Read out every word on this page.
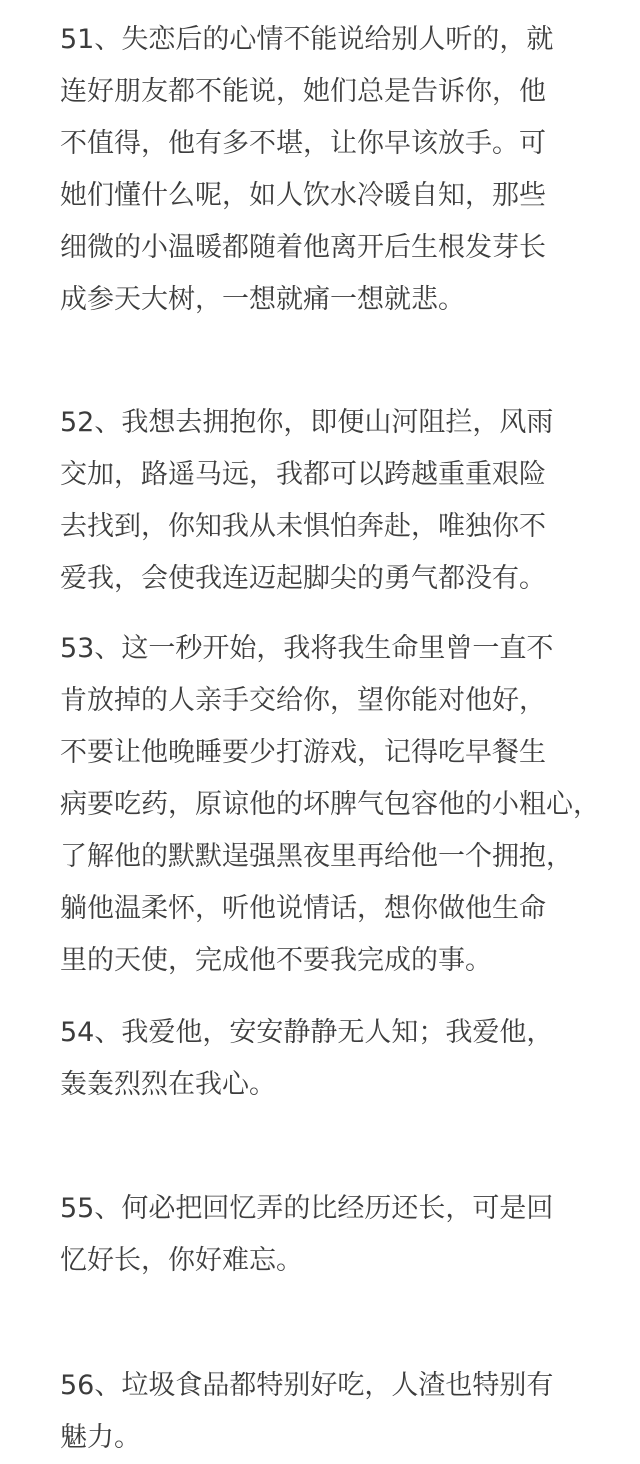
51、失恋后的心情不能说给别人听的，就
连好朋友都不能说，她们总是告诉你，他
不值得，他有多不堪，让你早该放手。可
她们懂什么呢，如人饮水冷暖自知，那些
细微的小温暖都随着他离开后生根发芽长
成参天大树，一想就痛一想就悲。
52、我想去拥抱你，即便山河阻拦，风雨
交加，路遥马远，我都可以跨越重重艰险
去找到，你知我从未惧怕奔赴，唯独你不
爱我，会使我连迈起脚尖的勇气都没有。
53、这一秒开始，我将我生命里曾一直不
肯放掉的人亲手交给你，望你能对他好，
不要让他晚睡要少打游戏，记得吃早餐生
病要吃药，原谅他的坏脾气包容他的小粗心，
了解他的默默逞强黑夜里再给他一个拥抱，
躺他温柔怀，听他说情话，想你做他生命
里的天使，完成他不要我完成的事。
54、我爱他，安安静静无人知；我爱他，
轰轰烈烈在我心。
55、何必把回忆弄的比经历还长，可是回
忆好长，你好难忘。
56、垃圾食品都特别好吃，人渣也特别有
魅力。
